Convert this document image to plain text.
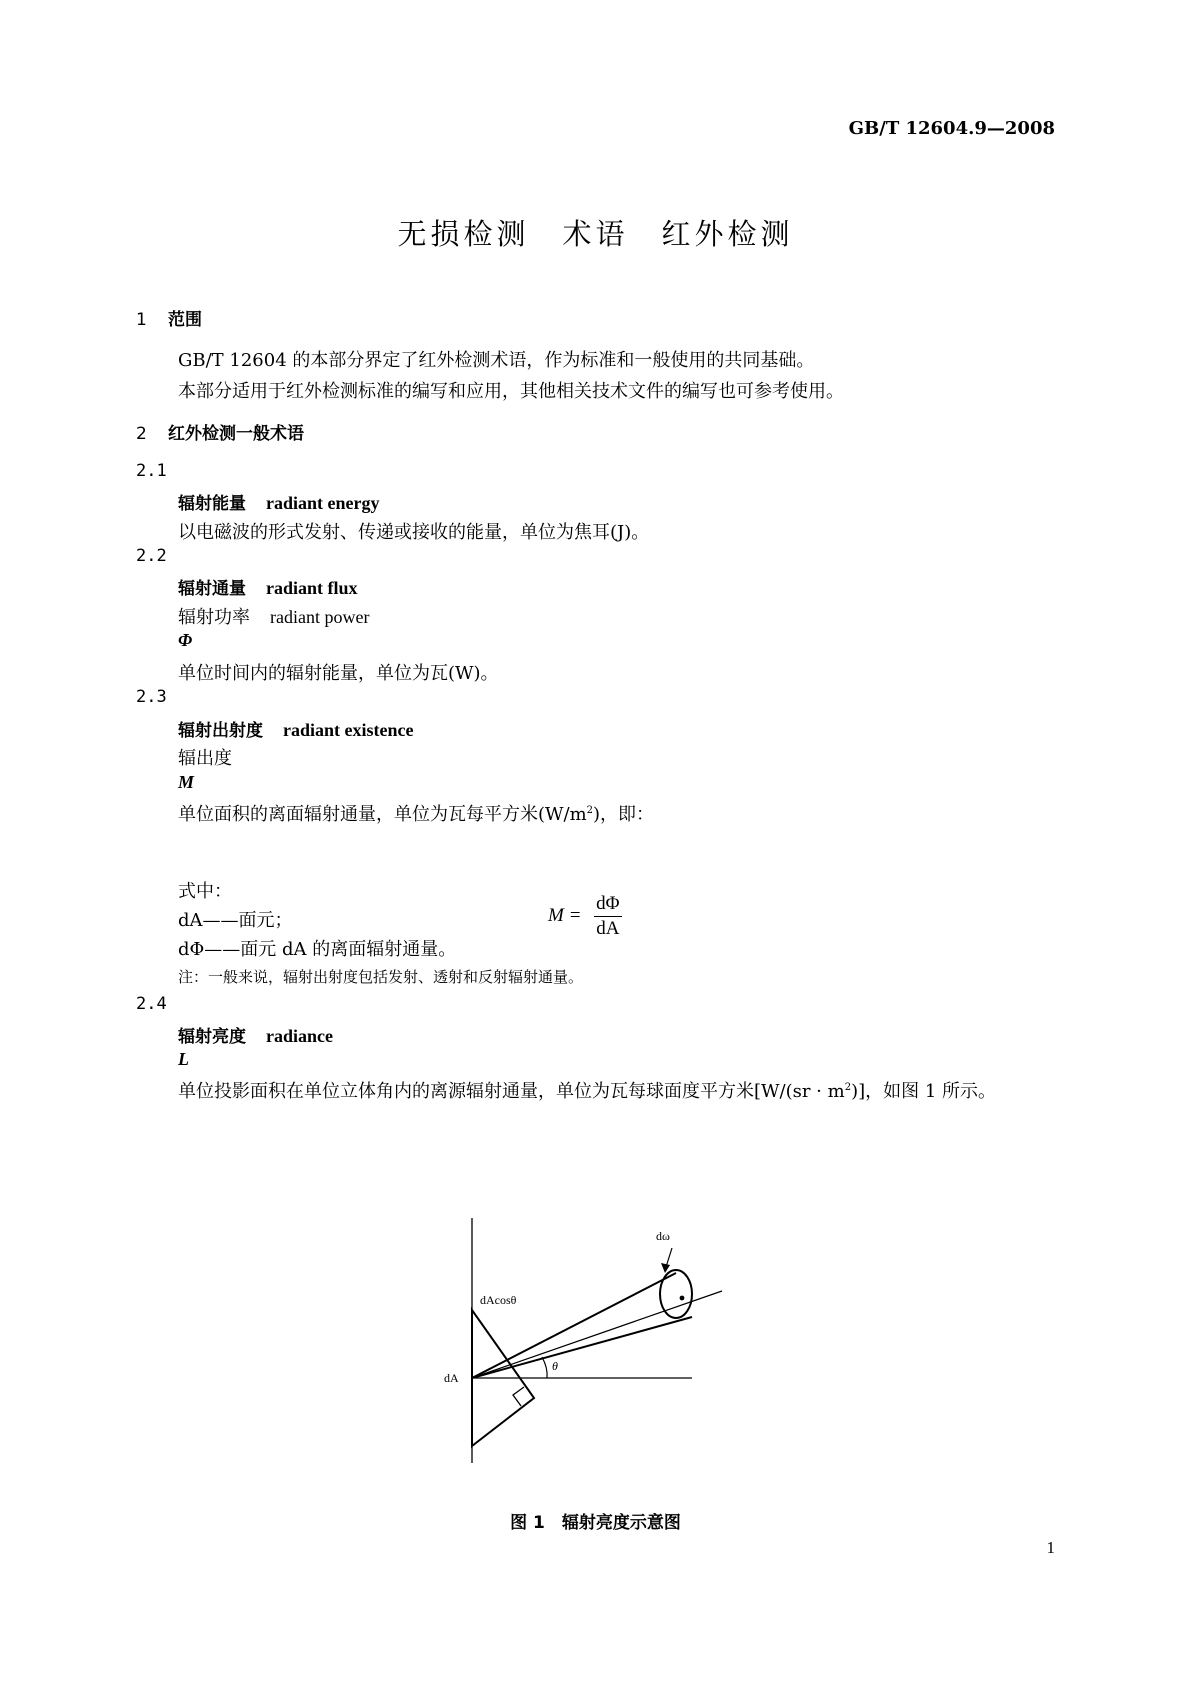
GB/T 12604.9—2008
无损检测　术语　红外检测
1 范围
GB/T 12604 的本部分界定了红外检测术语，作为标准和一般使用的共同基础。
本部分适用于红外检测标准的编写和应用，其他相关技术文件的编写也可参考使用。
2 红外检测一般术语
2.1
辐射能量 radiant energy
以电磁波的形式发射、传递或接收的能量，单位为焦耳(J)。
2.2
辐射通量 radiant flux
辐射功率 radiant power
Φ
单位时间内的辐射能量，单位为瓦(W)。
2.3
辐射出射度 radiant existence
辐出度
M
单位面积的离面辐射通量，单位为瓦每平方米$(W/m^2)$，即：
$M = \frac{d\Phi}{dA}$
式中：
dA——面元；
dΦ——面元 dA 的离面辐射通量。
注：一般来说，辐射出射度包括发射、透射和反射辐射通量。
2.4
辐射亮度 radiance
L
单位投影面积在单位立体角内的离源辐射通量，单位为瓦每球面度平方米$[W/(sr \cdot m^2)]$，如图 1 所示。
dω
dAcosθ
θ
dA
图 1　辐射亮度示意图
1
